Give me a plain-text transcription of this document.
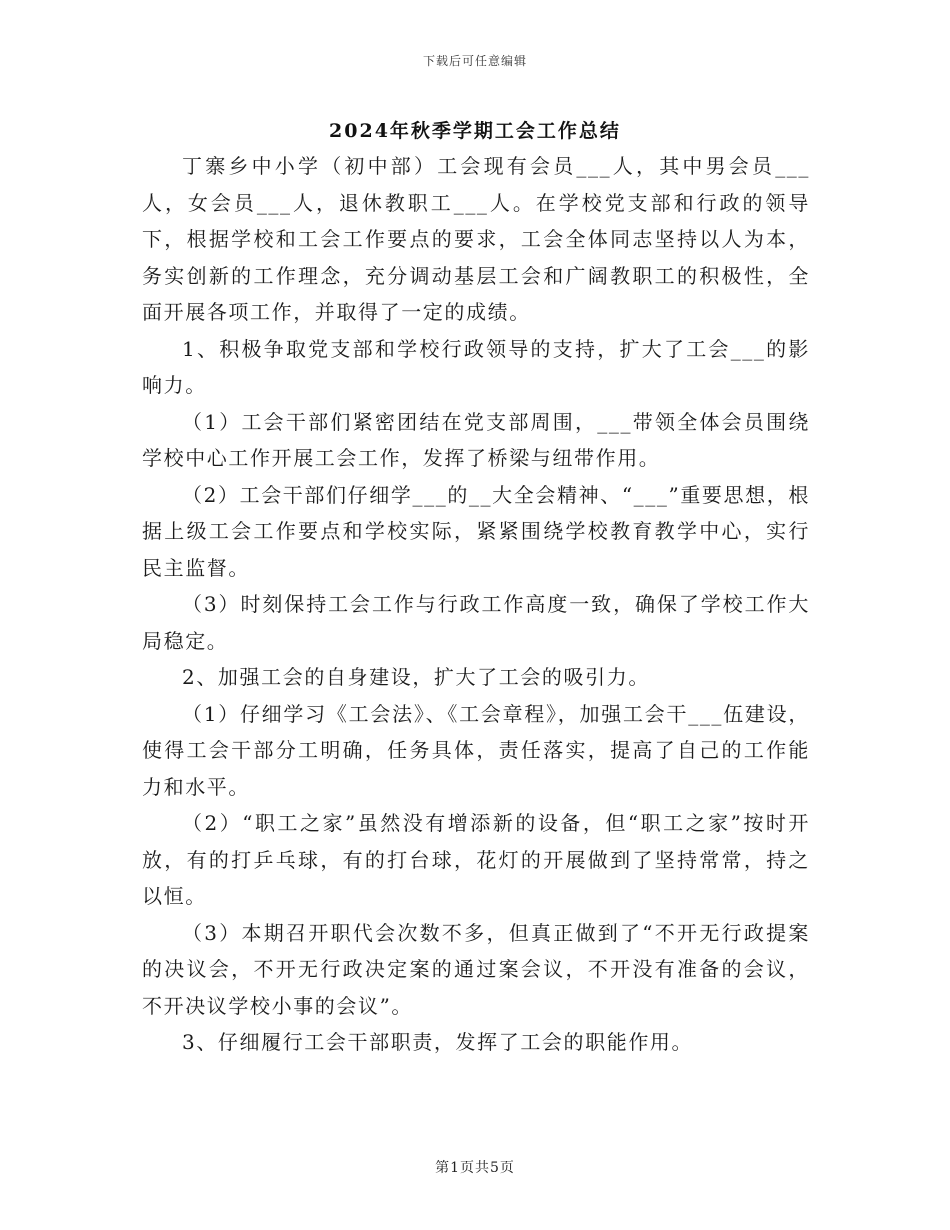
下载后可任意编辑
2024年秋季学期工会工作总结

丁寨乡中小学（初中部）工会现有会员___人，其中男会员___人，女会员___人，退休教职工___人。在学校党支部和行政的领导下，根据学校和工会工作要点的要求，工会全体同志坚持以人为本，务实创新的工作理念，充分调动基层工会和广阔教职工的积极性，全面开展各项工作，并取得了一定的成绩。

1、积极争取党支部和学校行政领导的支持，扩大了工会___的影响力。

（1）工会干部们紧密团结在党支部周围，___带领全体会员围绕学校中心工作开展工会工作，发挥了桥梁与纽带作用。

（2）工会干部们仔细学___的__大全会精神、“___”重要思想，根据上级工会工作要点和学校实际，紧紧围绕学校教育教学中心，实行民主监督。

（3）时刻保持工会工作与行政工作高度一致，确保了学校工作大局稳定。

2、加强工会的自身建设，扩大了工会的吸引力。

（1）仔细学习《工会法》、《工会章程》，加强工会干___伍建设，使得工会干部分工明确，任务具体，责任落实，提高了自己的工作能力和水平。

（2）“职工之家”虽然没有增添新的设备，但“职工之家”按时开放，有的打乒乓球，有的打台球，花灯的开展做到了坚持常常，持之以恒。

（3）本期召开职代会次数不多，但真正做到了“不开无行政提案的决议会，不开无行政决定案的通过案会议，不开没有准备的会议，不开决议学校小事的会议”。

3、仔细履行工会干部职责，发挥了工会的职能作用。

第1页共5页
